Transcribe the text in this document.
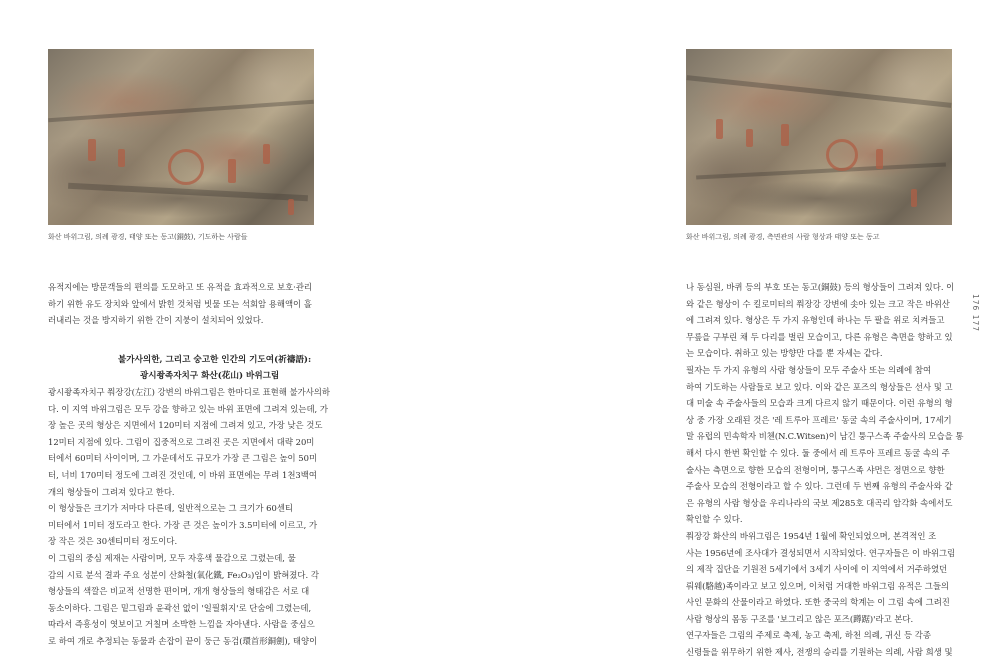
화산 바위그림, 의례 광경, 태양 또는 동고(銅鼓), 기도하는 사람들

유적지에는 방문객들의 편의를 도모하고 또 유적을 효과적으로 보호·관리

하기 위한 유도 장치와 앞에서 밝힌 것처럼 빗물 또는 석회암 용해액이 흘

러내리는 것을 방지하기 위한 간이 지붕이 설치되어 있었다.

불가사의한, 그리고 숭고한 인간의 기도여(祈禱語):
광시좡족자치구 화산(花山) 바위그림

광시좡족자치구 쭤장강(左江) 강변의 바위그림은 한마디로 표현해 불가사의하

다. 이 지역 바위그림은 모두 강을 향하고 있는 바위 표면에 그려져 있는데, 가

장 높은 곳의 형상은 지면에서 120미터 지점에 그려져 있고, 가장 낮은 것도

12미터 지점에 있다. 그림이 집중적으로 그려진 곳은 지면에서 대략 20미

터에서 60미터 사이이며, 그 가운데서도 규모가 가장 큰 그림은 높이 50미

터, 너비 170미터 정도에 그려진 것인데, 이 바위 표면에는 무려 1천3백여

개의 형상들이 그려져 있다고 한다.

이 형상들은 크기가 저마다 다른데, 일반적으로는 그 크기가 60센티

미터에서 1미터 정도라고 한다. 가장 큰 것은 높이가 3.5미터에 이르고, 가

장 작은 것은 30센티미터 정도이다.

이 그림의 중심 제재는 사람이며, 모두 자홍색 물감으로 그렸는데, 물

감의 시료 분석 결과 주요 성분이 산화철(氧化鐵, Fe₂O₃)임이 밝혀졌다. 각

형상들의 색깔은 비교적 선명한 편이며, 개개 형상들의 형태감은 서로 대

동소이하다. 그림은 밑그림과 윤곽선 없이 '일필휘지'로 단숨에 그렸는데,

따라서 즉흥성이 엿보이고 거칠며 소박한 느낌을 자아낸다. 사람을 중심으

로 하여 개로 추정되는 동물과 손잡이 끝이 둥근 동검(環首形銅劍), 태양이

화산 바위그림, 의례 광경, 측면관의 사람 형상과 태양 또는 동고

나 동심원, 바퀴 등의 부호 또는 동고(銅鼓) 등의 형상들이 그려져 있다. 이

와 같은 형상이 수 킬로미터의 쭤장강 강변에 솟아 있는 크고 작은 바위산

에 그려져 있다. 형상은 두 가지 유형인데 하나는 두 팔을 위로 치켜들고

무릎을 구부린 채 두 다리를 벌린 모습이고, 다른 유형은 측면을 향하고 있

는 모습이다. 취하고 있는 방향만 다를 뿐 자세는 같다.

필자는 두 가지 유형의 사람 형상들이 모두 주술사 또는 의례에 참여

하여 기도하는 사람들로 보고 있다. 이와 같은 포즈의 형상들은 선사 및 고

대 미술 속 주술사들의 모습과 크게 다르지 않기 때문이다. 이런 유형의 형

상 중 가장 오래된 것은 '레 트루아 프레르' 동굴 속의 주술사이며, 17세기

말 유럽의 민속학자 비첸(N.C.Witsen)이 남긴 퉁구스족 주술사의 모습을 통

해서 다시 한번 확인할 수 있다. 둘 중에서 레 트루아 프레르 동굴 속의 주

술사는 측면으로 향한 모습의 전형이며, 퉁구스족 샤먼은 정면으로 향한

주술사 모습의 전형이라고 할 수 있다. 그런데 두 번째 유형의 주술사와 같

은 유형의 사람 형상을 우리나라의 국보 제285호 대곡리 암각화 속에서도

확인할 수 있다.

쭤장강 화산의 바위그림은 1954년 1월에 확인되었으며, 본격적인 조

사는 1956년에 조사대가 결성되면서 시작되었다. 연구자들은 이 바위그림

의 제작 집단을 기원전 5세기에서 3세기 사이에 이 지역에서 거주하였던

뤄웨(駱越)족이라고 보고 있으며, 이처럼 거대한 바위그림 유적은 그들의

사인 문화의 산물이라고 하였다. 또한 중국의 학계는 이 그림 속에 그려진

사람 형상의 몸동 구조를 '보그리고 않은 포즈(蹲踞)'라고 본다.

연구자들은 그림의 주제로 축제, 농고 축제, 하천 의례, 귀신 등 각종

신령들을 위무하기 위한 제사, 전쟁의 승리를 기원하는 의례, 사람 희생 및

176 177
